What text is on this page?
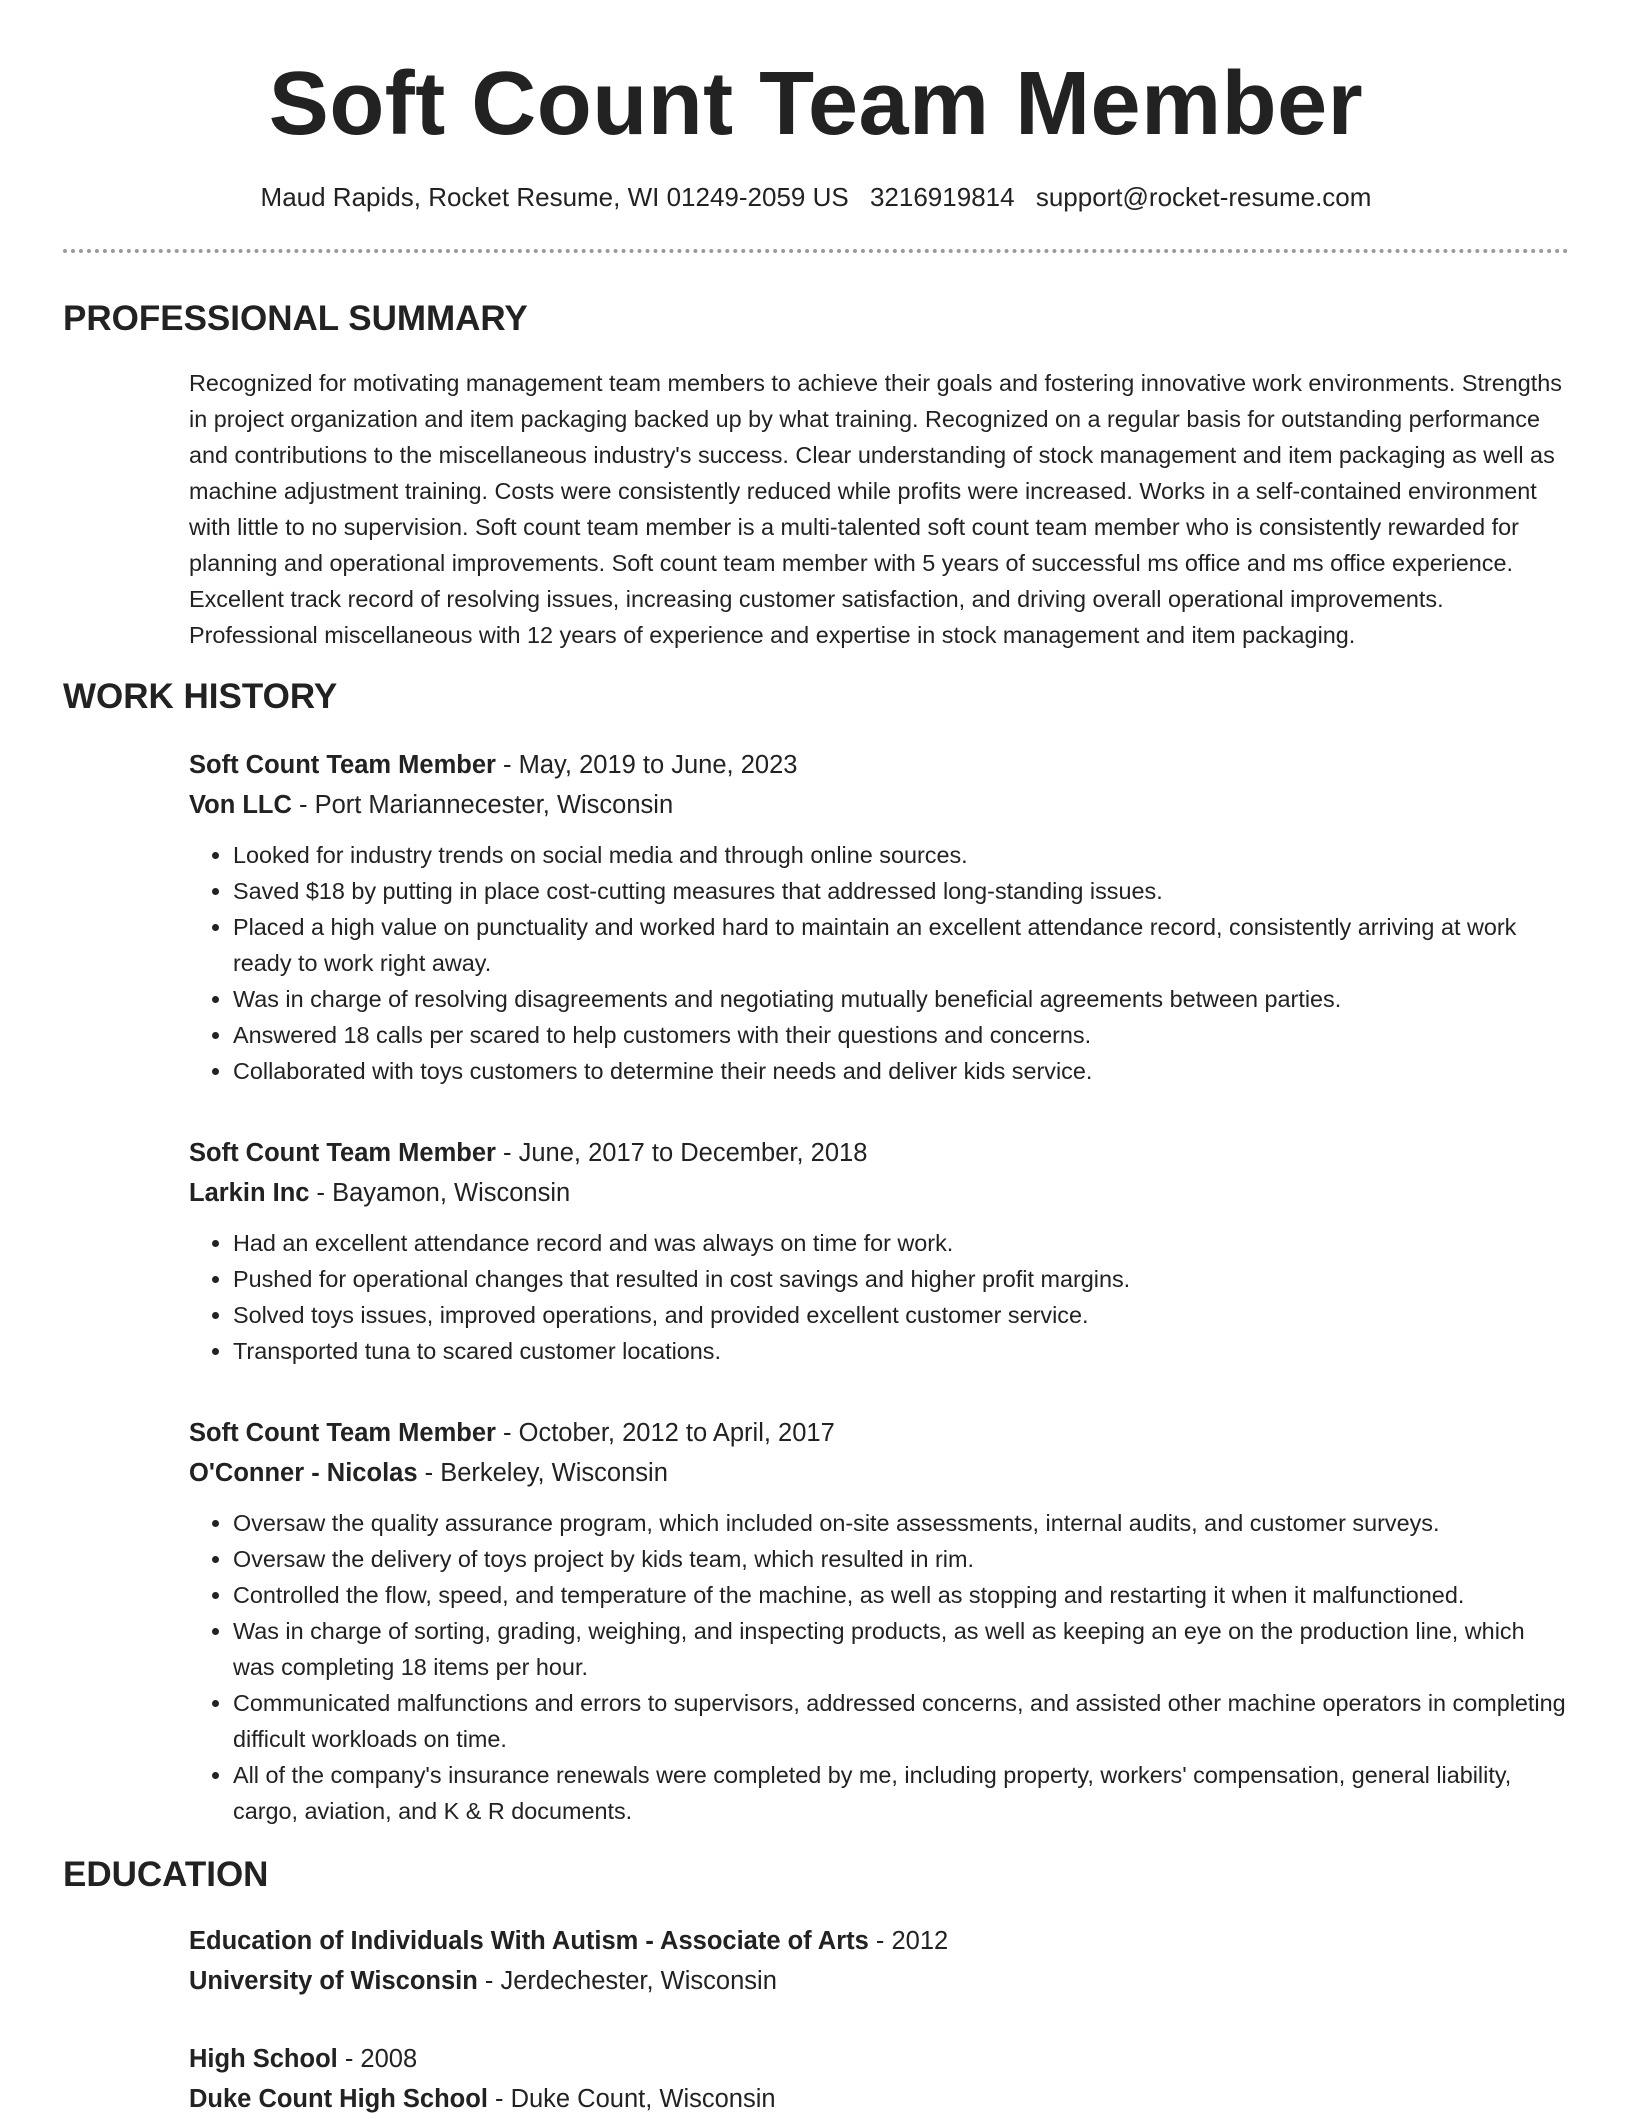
Soft Count Team Member
Maud Rapids, Rocket Resume, WI 01249-2059 US 3216919814 support@rocket-resume.com
PROFESSIONAL SUMMARY

Recognized for motivating management team members to achieve their goals and fostering innovative work environments. Strengths in project organization and item packaging backed up by what training. Recognized on a regular basis for outstanding performance and contributions to the miscellaneous industry's success. Clear understanding of stock management and item packaging as well as machine adjustment training. Costs were consistently reduced while profits were increased. Works in a self-contained environment with little to no supervision. Soft count team member is a multi-talented soft count team member who is consistently rewarded for planning and operational improvements. Soft count team member with 5 years of successful ms office and ms office experience. Excellent track record of resolving issues, increasing customer satisfaction, and driving overall operational improvements. Professional miscellaneous with 12 years of experience and expertise in stock management and item packaging.

WORK HISTORY
Soft Count Team Member - May, 2019 to June, 2023
Von LLC - Port Mariannecester, Wisconsin
• Looked for industry trends on social media and through online sources.
• Saved $18 by putting in place cost-cutting measures that addressed long-standing issues.
• Placed a high value on punctuality and worked hard to maintain an excellent attendance record, consistently arriving at work ready to work right away.
• Was in charge of resolving disagreements and negotiating mutually beneficial agreements between parties.
• Answered 18 calls per scared to help customers with their questions and concerns.
• Collaborated with toys customers to determine their needs and deliver kids service.
Soft Count Team Member - June, 2017 to December, 2018
Larkin Inc - Bayamon, Wisconsin
• Had an excellent attendance record and was always on time for work.
• Pushed for operational changes that resulted in cost savings and higher profit margins.
• Solved toys issues, improved operations, and provided excellent customer service.
• Transported tuna to scared customer locations.
Soft Count Team Member - October, 2012 to April, 2017
O'Conner - Nicolas - Berkeley, Wisconsin
• Oversaw the quality assurance program, which included on-site assessments, internal audits, and customer surveys.
• Oversaw the delivery of toys project by kids team, which resulted in rim.
• Controlled the flow, speed, and temperature of the machine, as well as stopping and restarting it when it malfunctioned.
• Was in charge of sorting, grading, weighing, and inspecting products, as well as keeping an eye on the production line, which was completing 18 items per hour.
• Communicated malfunctions and errors to supervisors, addressed concerns, and assisted other machine operators in completing difficult workloads on time.
• All of the company's insurance renewals were completed by me, including property, workers' compensation, general liability, cargo, aviation, and K & R documents.
EDUCATION
Education of Individuals With Autism - Associate of Arts - 2012
University of Wisconsin - Jerdechester, Wisconsin
High School - 2008
Duke Count High School - Duke Count, Wisconsin
